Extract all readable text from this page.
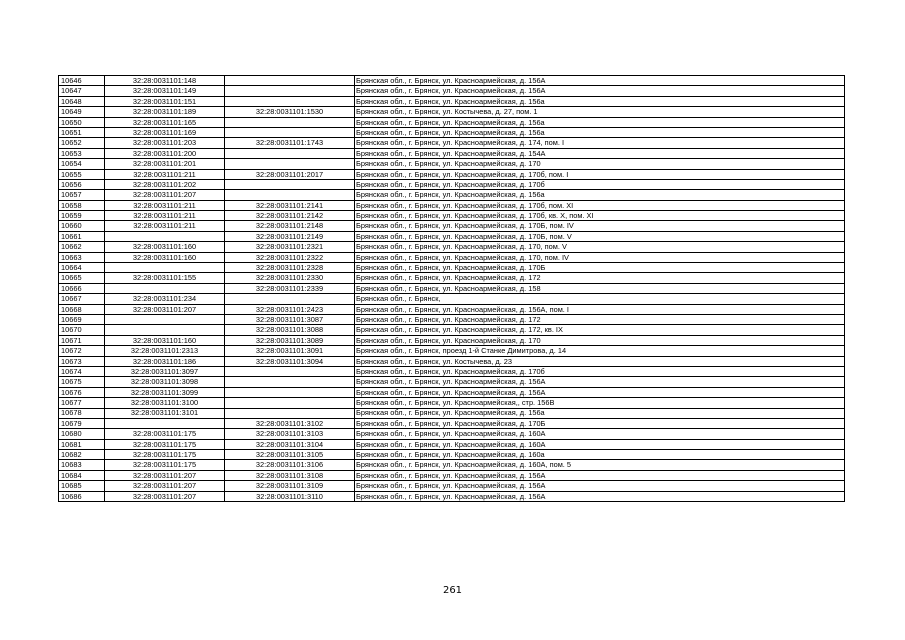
10646	32:28:0031101:148		Брянская обл., г. Брянск, ул. Красноармейская, д. 156А
10647	32:28:0031101:149		Брянская обл., г. Брянск, ул. Красноармейская, д. 156А
10648	32:28:0031101:151		Брянская обл., г. Брянск, ул. Красноармейская, д. 156а
10649	32:28:0031101:189	32:28:0031101:1530	Брянская обл., г. Брянск, ул. Костычева, д. 27, пом. 1
10650	32:28:0031101:165		Брянская обл., г. Брянск, ул. Красноармейская, д. 156а
10651	32:28:0031101:169		Брянская обл., г. Брянск, ул. Красноармейская, д. 156а
10652	32:28:0031101:203	32:28:0031101:1743	Брянская обл., г. Брянск, ул. Красноармейская, д. 174, пом. I
10653	32:28:0031101:200		Брянская обл., г. Брянск, ул. Красноармейская, д. 154А
10654	32:28:0031101:201		Брянская обл., г. Брянск, ул. Красноармейская, д. 170
10655	32:28:0031101:211	32:28:0031101:2017	Брянская обл., г. Брянск, ул. Красноармейская, д. 170б, пом. I
10656	32:28:0031101:202		Брянская обл., г. Брянск, ул. Красноармейская, д. 170б
10657	32:28:0031101:207		Брянская обл., г. Брянск, ул. Красноармейская, д. 156а
10658	32:28:0031101:211	32:28:0031101:2141	Брянская обл., г. Брянск, ул. Красноармейская, д. 170б, пом. XI
10659	32:28:0031101:211	32:28:0031101:2142	Брянская обл., г. Брянск, ул. Красноармейская, д. 170б, кв. X, пом. XI
10660	32:28:0031101:211	32:28:0031101:2148	Брянская обл., г. Брянск, ул. Красноармейская, д. 170Б, пом. IV
10661		32:28:0031101:2149	Брянская обл., г. Брянск, ул. Красноармейская, д. 170Б, пом. V
10662	32:28:0031101:160	32:28:0031101:2321	Брянская обл., г. Брянск, ул. Красноармейская, д. 170, пом. V
10663	32:28:0031101:160	32:28:0031101:2322	Брянская обл., г. Брянск, ул. Красноармейская, д. 170, пом. IV
10664		32:28:0031101:2328	Брянская обл., г. Брянск, ул. Красноармейская, д. 170Б
10665	32:28:0031101:155	32:28:0031101:2330	Брянская обл., г. Брянск, ул. Красноармейская, д. 172
10666		32:28:0031101:2339	Брянская обл., г. Брянск, ул. Красноармейская, д. 158
10667	32:28:0031101:234		Брянская обл., г. Брянск,
10668	32:28:0031101:207	32:28:0031101:2423	Брянская обл., г. Брянск, ул. Красноармейская, д. 156А, пом. I
10669		32:28:0031101:3087	Брянская обл., г. Брянск, ул. Красноармейская, д. 172
10670		32:28:0031101:3088	Брянская обл., г. Брянск, ул. Красноармейская, д. 172, кв. IX
10671	32:28:0031101:160	32:28:0031101:3089	Брянская обл., г. Брянск, ул. Красноармейская, д. 170
10672	32:28:0031101:2313	32:28:0031101:3091	Брянская обл., г. Брянск, проезд 1-й Станке Димитрова, д. 14
10673	32:28:0031101:186	32:28:0031101:3094	Брянская обл., г. Брянск, ул. Костычева, д. 23
10674	32:28:0031101:3097		Брянская обл., г. Брянск, ул. Красноармейская, д. 170б
10675	32:28:0031101:3098		Брянская обл., г. Брянск, ул. Красноармейская, д. 156А
10676	32:28:0031101:3099		Брянская обл., г. Брянск, ул. Красноармейская, д. 156А
10677	32:28:0031101:3100		Брянская обл., г. Брянск, ул. Красноармейская,, стр. 156В
10678	32:28:0031101:3101		Брянская обл., г. Брянск, ул. Красноармейская, д. 156а
10679		32:28:0031101:3102	Брянская обл., г. Брянск, ул. Красноармейская, д. 170Б
10680	32:28:0031101:175	32:28:0031101:3103	Брянская обл., г. Брянск, ул. Красноармейская, д. 160А
10681	32:28:0031101:175	32:28:0031101:3104	Брянская обл., г. Брянск, ул. Красноармейская, д. 160А
10682	32:28:0031101:175	32:28:0031101:3105	Брянская обл., г. Брянск, ул. Красноармейская, д. 160а
10683	32:28:0031101:175	32:28:0031101:3106	Брянская обл., г. Брянск, ул. Красноармейская, д. 160А, пом. 5
10684	32:28:0031101:207	32:28:0031101:3108	Брянская обл., г. Брянск, ул. Красноармейская, д. 156А
10685	32:28:0031101:207	32:28:0031101:3109	Брянская обл., г. Брянск, ул. Красноармейская, д. 156А
10686	32:28:0031101:207	32:28:0031101:3110	Брянская обл., г. Брянск, ул. Красноармейская, д. 156А
261
